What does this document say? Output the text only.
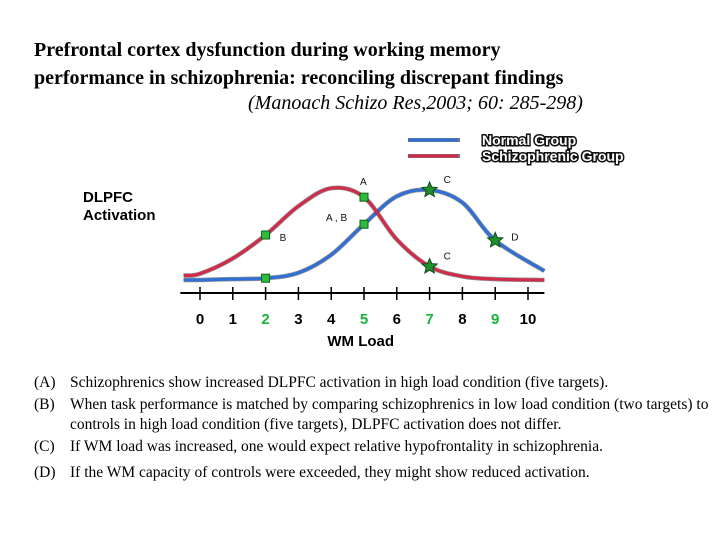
Prefrontal cortex dysfunction during working memory
performance in schizophrenia: reconciling discrepant findings
(Manoach Schizo Res,2003; 60: 285-298)
DLPFC
Activation
0 1 2 3 4 5 6 7 8 9 10
WM Load
Normal Group
Schizophrenic Group
A
B
A , B
C
C
D
(A) Schizophrenics show increased DLPFC activation in high load condition (five targets).
(B) When task performance is matched by comparing schizophrenics in low load condition (two targets) to controls in high load condition (five targets), DLPFC activation does not differ.
(C) If WM load was increased, one would expect relative hypofrontality in schizophrenia.
(D) If the WM capacity of controls were exceeded, they might show reduced activation.
